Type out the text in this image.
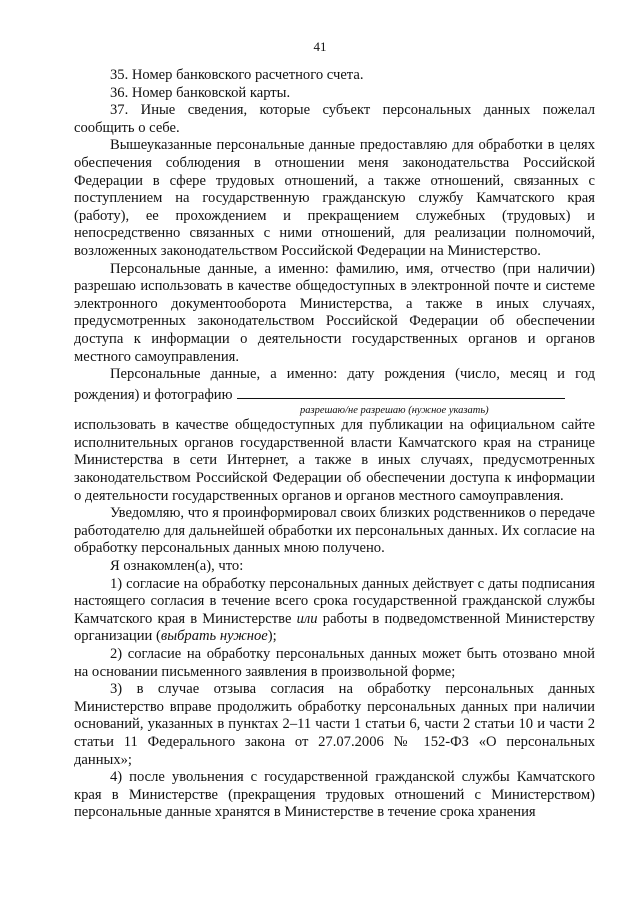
41

35. Номер банковского расчетного счета.

36. Номер банковской карты.

37. Иные сведения, которые субъект персональных данных пожелал сообщить о себе.

Вышеуказанные персональные данные предоставляю для обработки в целях обеспечения соблюдения в отношении меня законодательства Российской Федерации в сфере трудовых отношений, а также отношений, связанных с поступлением на государственную гражданскую службу Камчатского края (работу), ее прохождением и прекращением служебных (трудовых) и непосредственно связанных с ними отношений, для реализации полномочий, возложенных законодательством Российской Федерации на Министерство.

Персональные данные, а именно: фамилию, имя, отчество (при наличии) разрешаю использовать в качестве общедоступных в электронной почте и системе электронного документооборота Министерства, а также в иных случаях, предусмотренных законодательством Российской Федерации об обеспечении доступа к информации о деятельности государственных органов и органов местного самоуправления.

Персональные данные, а именно: дату рождения (число, месяц и год рождения) и фотографию

разрешаю/не разрешаю (нужное указать)

использовать в качестве общедоступных для публикации на официальном сайте исполнительных органов государственной власти Камчатского края на странице Министерства в сети Интернет, а также в иных случаях, предусмотренных законодательством Российской Федерации об обеспечении доступа к информации о деятельности государственных органов и органов местного самоуправления.

Уведомляю, что я проинформировал своих близких родственников о передаче работодателю для дальнейшей обработки их персональных данных. Их согласие на обработку персональных данных мною получено.

Я ознакомлен(а), что:

1) согласие на обработку персональных данных действует с даты подписания настоящего согласия в течение всего срока государственной гражданской службы Камчатского края в Министерстве или работы в подведомственной Министерству организации (выбрать нужное);

2) согласие на обработку персональных данных может быть отозвано мной на основании письменного заявления в произвольной форме;

3) в случае отзыва согласия на обработку персональных данных Министерство вправе продолжить обработку персональных данных при наличии оснований, указанных в пунктах 2–11 части 1 статьи 6, части 2 статьи 10 и части 2 статьи 11 Федерального закона от 27.07.2006 № 152-ФЗ «О персональных данных»;

4) после увольнения с государственной гражданской службы Камчатского края в Министерстве (прекращения трудовых отношений с Министерством) персональные данные хранятся в Министерстве в течение срока хранения
